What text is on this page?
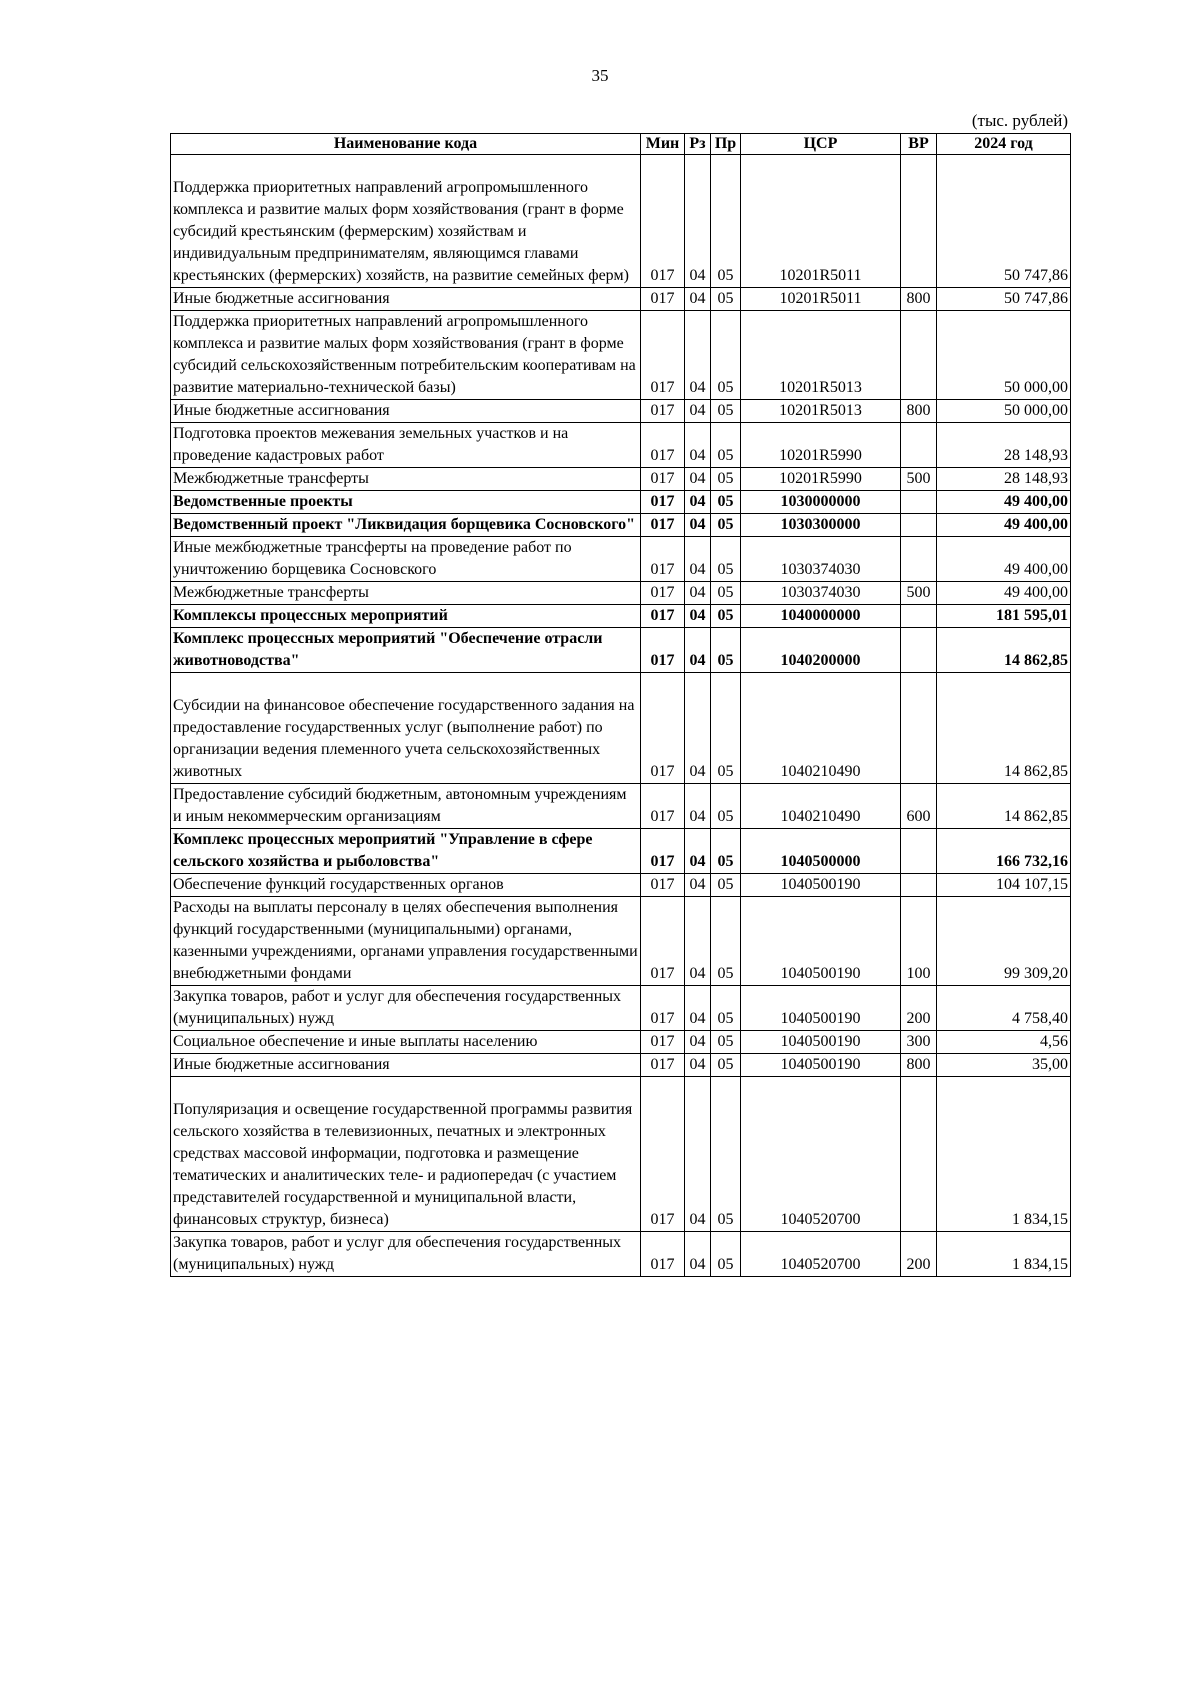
35
(тыс. рублей)
Наименование кода	Мин	Рз	Пр	ЦСР	ВР	2024 год
Поддержка приоритетных направлений агропромышленного комплекса и развитие малых форм хозяйствования (грант в форме субсидий крестьянским (фермерским) хозяйствам и индивидуальным предпринимателям, являющимся главами крестьянских (фермерских) хозяйств, на развитие семейных ферм)	017	04	05	10201R5011		50 747,86
Иные бюджетные ассигнования	017	04	05	10201R5011	800	50 747,86
Поддержка приоритетных направлений агропромышленного комплекса и развитие малых форм хозяйствования (грант в форме субсидий сельскохозяйственным потребительским кооперативам на развитие материально-технической базы)	017	04	05	10201R5013		50 000,00
Иные бюджетные ассигнования	017	04	05	10201R5013	800	50 000,00
Подготовка проектов межевания земельных участков и на проведение кадастровых работ	017	04	05	10201R5990		28 148,93
Межбюджетные трансферты	017	04	05	10201R5990	500	28 148,93
Ведомственные проекты	017	04	05	1030000000		49 400,00
Ведомственный проект "Ликвидация борщевика Сосновского"	017	04	05	1030300000		49 400,00
Иные межбюджетные трансферты на проведение работ по уничтожению борщевика Сосновского	017	04	05	1030374030		49 400,00
Межбюджетные трансферты	017	04	05	1030374030	500	49 400,00
Комплексы процессных мероприятий	017	04	05	1040000000		181 595,01
Комплекс процессных мероприятий "Обеспечение отрасли животноводства"	017	04	05	1040200000		14 862,85
Субсидии на финансовое обеспечение государственного задания на предоставление государственных услуг (выполнение работ) по организации ведения племенного учета сельскохозяйственных животных	017	04	05	1040210490		14 862,85
Предоставление субсидий бюджетным, автономным учреждениям и иным некоммерческим организациям	017	04	05	1040210490	600	14 862,85
Комплекс процессных мероприятий "Управление в сфере сельского хозяйства и рыболовства"	017	04	05	1040500000		166 732,16
Обеспечение функций государственных органов	017	04	05	1040500190		104 107,15
Расходы на выплаты персоналу в целях обеспечения выполнения функций государственными (муниципальными) органами, казенными учреждениями, органами управления государственными внебюджетными фондами	017	04	05	1040500190	100	99 309,20
Закупка товаров, работ и услуг для обеспечения государственных (муниципальных) нужд	017	04	05	1040500190	200	4 758,40
Социальное обеспечение и иные выплаты населению	017	04	05	1040500190	300	4,56
Иные бюджетные ассигнования	017	04	05	1040500190	800	35,00
Популяризация и освещение государственной программы развития сельского хозяйства в телевизионных, печатных и электронных средствах массовой информации, подготовка и размещение тематических и аналитических теле- и радиопередач (с участием представителей государственной и муниципальной власти, финансовых структур, бизнеса)	017	04	05	1040520700		1 834,15
Закупка товаров, работ и услуг для обеспечения государственных (муниципальных) нужд	017	04	05	1040520700	200	1 834,15
